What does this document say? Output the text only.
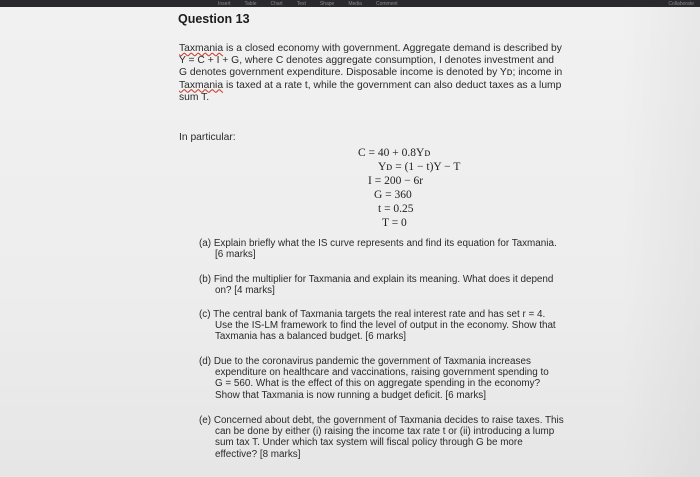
Insert	Table	Chart	Text	Shape	Media	Comment	Collaborate
Question 13
Taxmania is a closed economy with government. Aggregate demand is described by
Y = C + I + G, where C denotes aggregate consumption, I denotes investment and
G denotes government expenditure. Disposable income is denoted by Yᴅ; income in
Taxmania is taxed at a rate t, while the government can also deduct taxes as a lump
sum T.
In particular:
C = 40 + 0.8Yᴅ
Yᴅ = (1 − t)Y − T
I = 200 − 6r
G = 360
t = 0.25
T = 0
(a) Explain briefly what the IS curve represents and find its equation for Taxmania.
[6 marks]
(b) Find the multiplier for Taxmania and explain its meaning. What does it depend
on? [4 marks]
(c) The central bank of Taxmania targets the real interest rate and has set r = 4.
Use the IS-LM framework to find the level of output in the economy. Show that
Taxmania has a balanced budget. [6 marks]
(d) Due to the coronavirus pandemic the government of Taxmania increases
expenditure on healthcare and vaccinations, raising government spending to
G = 560. What is the effect of this on aggregate spending in the economy?
Show that Taxmania is now running a budget deficit. [6 marks]
(e) Concerned about debt, the government of Taxmania decides to raise taxes. This
can be done by either (i) raising the income tax rate t or (ii) introducing a lump
sum tax T. Under which tax system will fiscal policy through G be more
effective? [8 marks]
